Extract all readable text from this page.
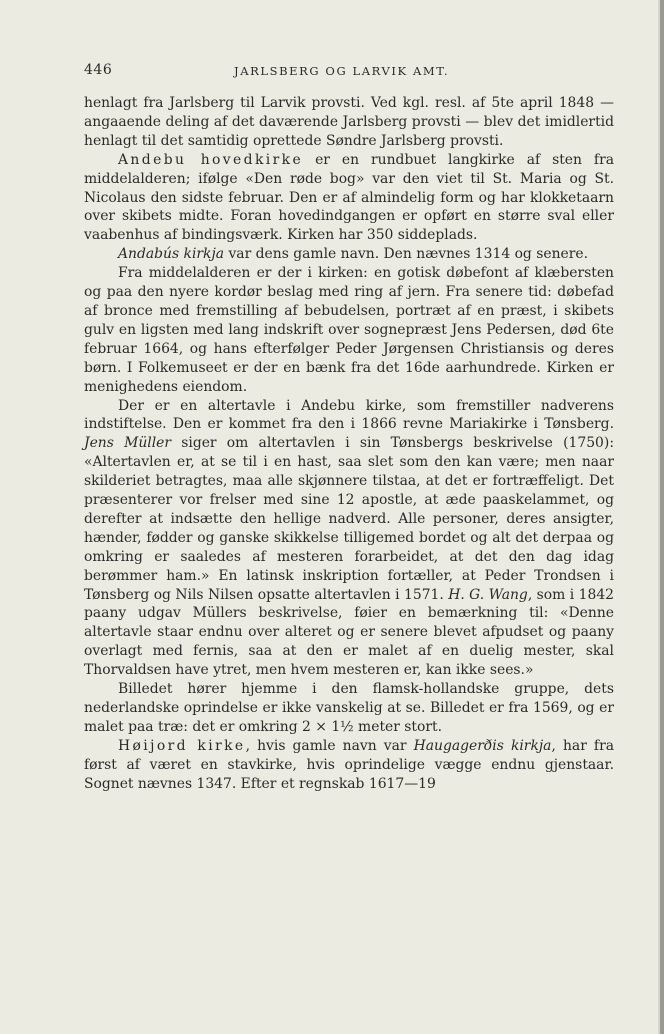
446	JARLSBERG OG LARVIK AMT.

henlagt fra Jarlsberg til Larvik provsti. Ved kgl. resl. af 5te april 1848 — angaaende deling af det daværende Jarlsberg provsti — blev det imidlertid henlagt til det samtidig oprettede Søndre Jarlsberg provsti.

Andebu hovedkirke er en rundbuet langkirke af sten fra middelalderen; ifølge «Den røde bog» var den viet til St. Maria og St. Nicolaus den sidste februar. Den er af almindelig form og har klokketaarn over skibets midte. Foran hovedindgangen er opført en større sval eller vaabenhus af bindingsværk. Kirken har 350 siddeplads.

Andabús kirkja var dens gamle navn. Den nævnes 1314 og senere.

Fra middelalderen er der i kirken: en gotisk døbefont af klæbersten og paa den nyere kordør beslag med ring af jern. Fra senere tid: døbefad af bronce med fremstilling af bebudelsen, portræt af en præst, i skibets gulv en ligsten med lang indskrift over sognepræst Jens Pedersen, død 6te februar 1664, og hans efterfølger Peder Jørgensen Christiansis og deres børn. I Folkemuseet er der en bænk fra det 16de aarhundrede. Kirken er menighedens eiendom.

Der er en altertavle i Andebu kirke, som fremstiller nadverens indstiftelse. Den er kommet fra den i 1866 revne Mariakirke i Tønsberg. Jens Müller siger om altertavlen i sin Tønsbergs beskrivelse (1750): «Altertavlen er, at se til i en hast, saa slet som den kan være; men naar skilderiet betragtes, maa alle skjønnere tilstaa, at det er fortræffeligt. Det præsenterer vor frelser med sine 12 apostle, at æde paaskelammet, og derefter at indsætte den hellige nadverd. Alle personer, deres ansigter, hænder, fødder og ganske skikkelse tilligemed bordet og alt det derpaa og omkring er saaledes af mesteren forarbeidet, at det den dag idag berømmer ham.» En latinsk inskription fortæller, at Peder Trondsen i Tønsberg og Nils Nilsen opsatte altertavlen i 1571. H. G. Wang, som i 1842 paany udgav Müllers beskrivelse, føier en bemærkning til: «Denne altertavle staar endnu over alteret og er senere blevet afpudset og paany overlagt med fernis, saa at den er malet af en duelig mester, skal Thorvaldsen have ytret, men hvem mesteren er, kan ikke sees.»

Billedet hører hjemme i den flamsk-hollandske gruppe, dets nederlandske oprindelse er ikke vanskelig at se. Billedet er fra 1569, og er malet paa træ: det er omkring 2 × 1½ meter stort.

Høijord kirke, hvis gamle navn var Haugagerðis kirkja, har fra først af været en stavkirke, hvis oprindelige vægge endnu gjenstaar. Sognet nævnes 1347. Efter et regnskab 1617—19
